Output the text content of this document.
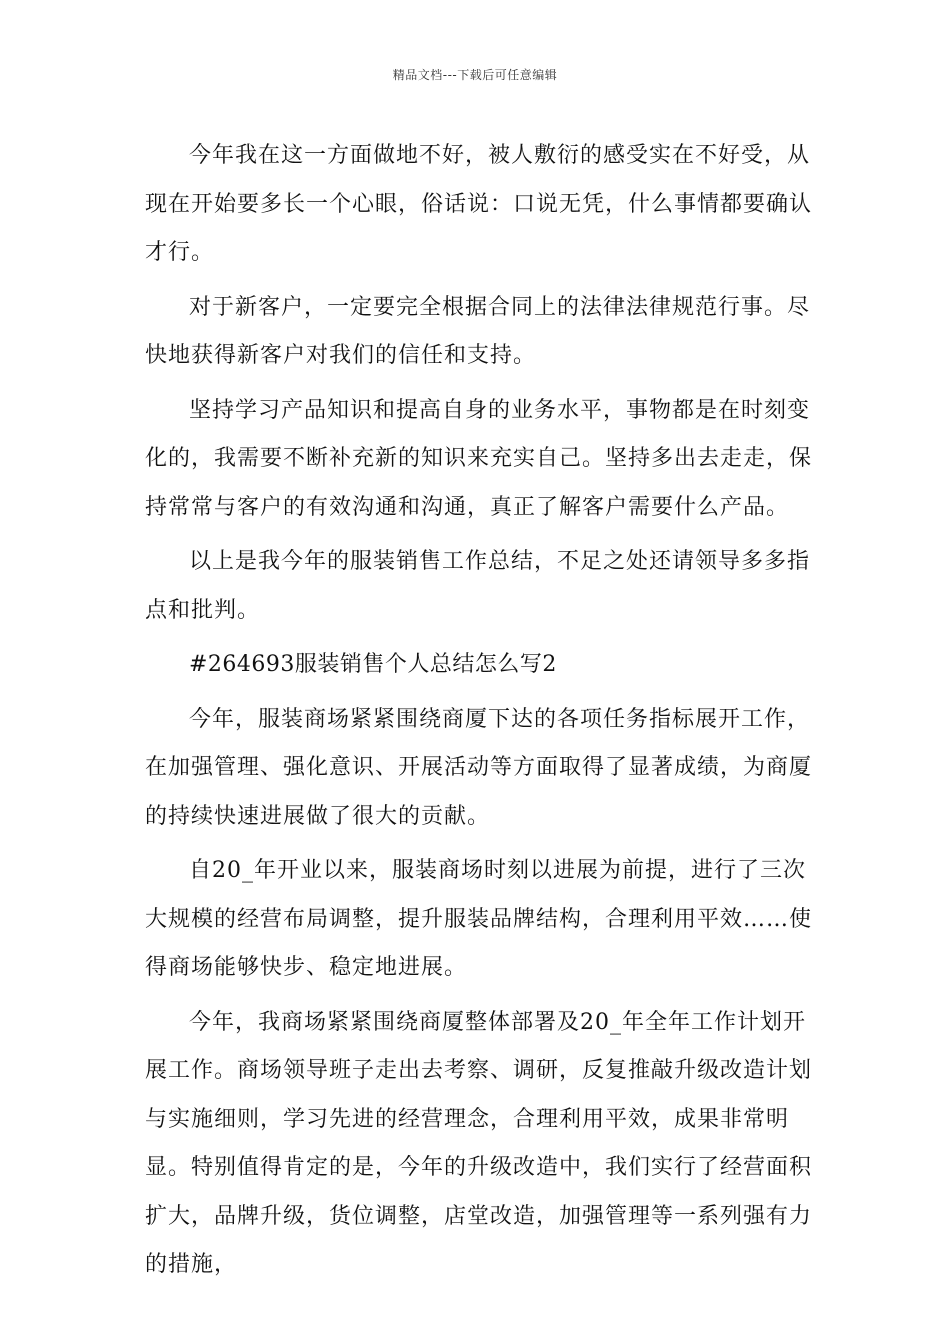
精品文档---下载后可任意编辑

今年我在这一方面做地不好，被人敷衍的感受实在不好受，从现在开始要多长一个心眼，俗话说：口说无凭，什么事情都要确认才行。

对于新客户，一定要完全根据合同上的法律法律规范行事。尽快地获得新客户对我们的信任和支持。

坚持学习产品知识和提高自身的业务水平，事物都是在时刻变化的，我需要不断补充新的知识来充实自己。坚持多出去走走，保持常常与客户的有效沟通和沟通，真正了解客户需要什么产品。

以上是我今年的服装销售工作总结，不足之处还请领导多多指点和批判。

#264693服装销售个人总结怎么写2

今年，服装商场紧紧围绕商厦下达的各项任务指标展开工作，在加强管理、强化意识、开展活动等方面取得了显著成绩，为商厦的持续快速进展做了很大的贡献。

自20_年开业以来，服装商场时刻以进展为前提，进行了三次大规模的经营布局调整，提升服装品牌结构，合理利用平效……使得商场能够快步、稳定地进展。

今年，我商场紧紧围绕商厦整体部署及20_年全年工作计划开展工作。商场领导班子走出去考察、调研，反复推敲升级改造计划与实施细则，学习先进的经营理念，合理利用平效，成果非常明显。特别值得肯定的是，今年的升级改造中，我们实行了经营面积扩大，品牌升级，货位调整，店堂改造，加强管理等一系列强有力的措施，
